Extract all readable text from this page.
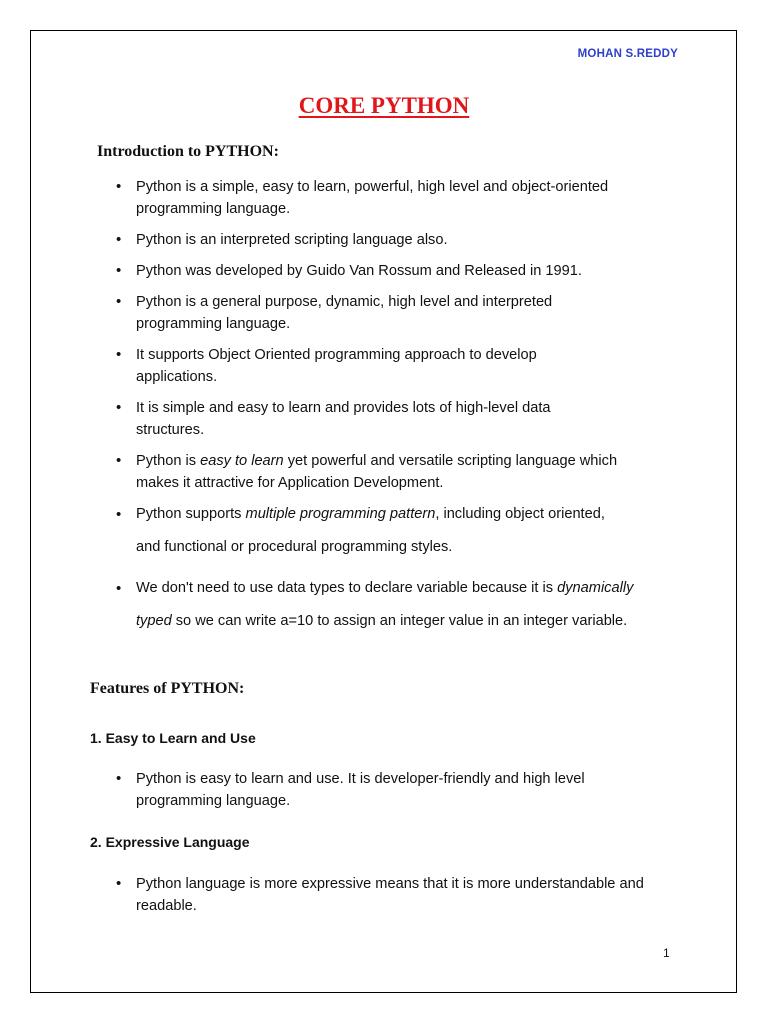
MOHAN S.REDDY
CORE PYTHON
Introduction to PYTHON:
• Python is a simple, easy to learn, powerful, high level and object-oriented programming language.
• Python is an interpreted scripting language also.
• Python was developed by Guido Van Rossum and Released in 1991.
• Python is a general purpose, dynamic, high level and interpreted programming language.
• It supports Object Oriented programming approach to develop applications.
• It is simple and easy to learn and provides lots of high-level data structures.
• Python is easy to learn yet powerful and versatile scripting language which makes it attractive for Application Development.
• Python supports multiple programming pattern, including object oriented, and functional or procedural programming styles.
• We don't need to use data types to declare variable because it is dynamically typed so we can write a=10 to assign an integer value in an integer variable.
Features of PYTHON:
1. Easy to Learn and Use
• Python is easy to learn and use. It is developer-friendly and high level programming language.
2. Expressive Language
• Python language is more expressive means that it is more understandable and readable.
1
